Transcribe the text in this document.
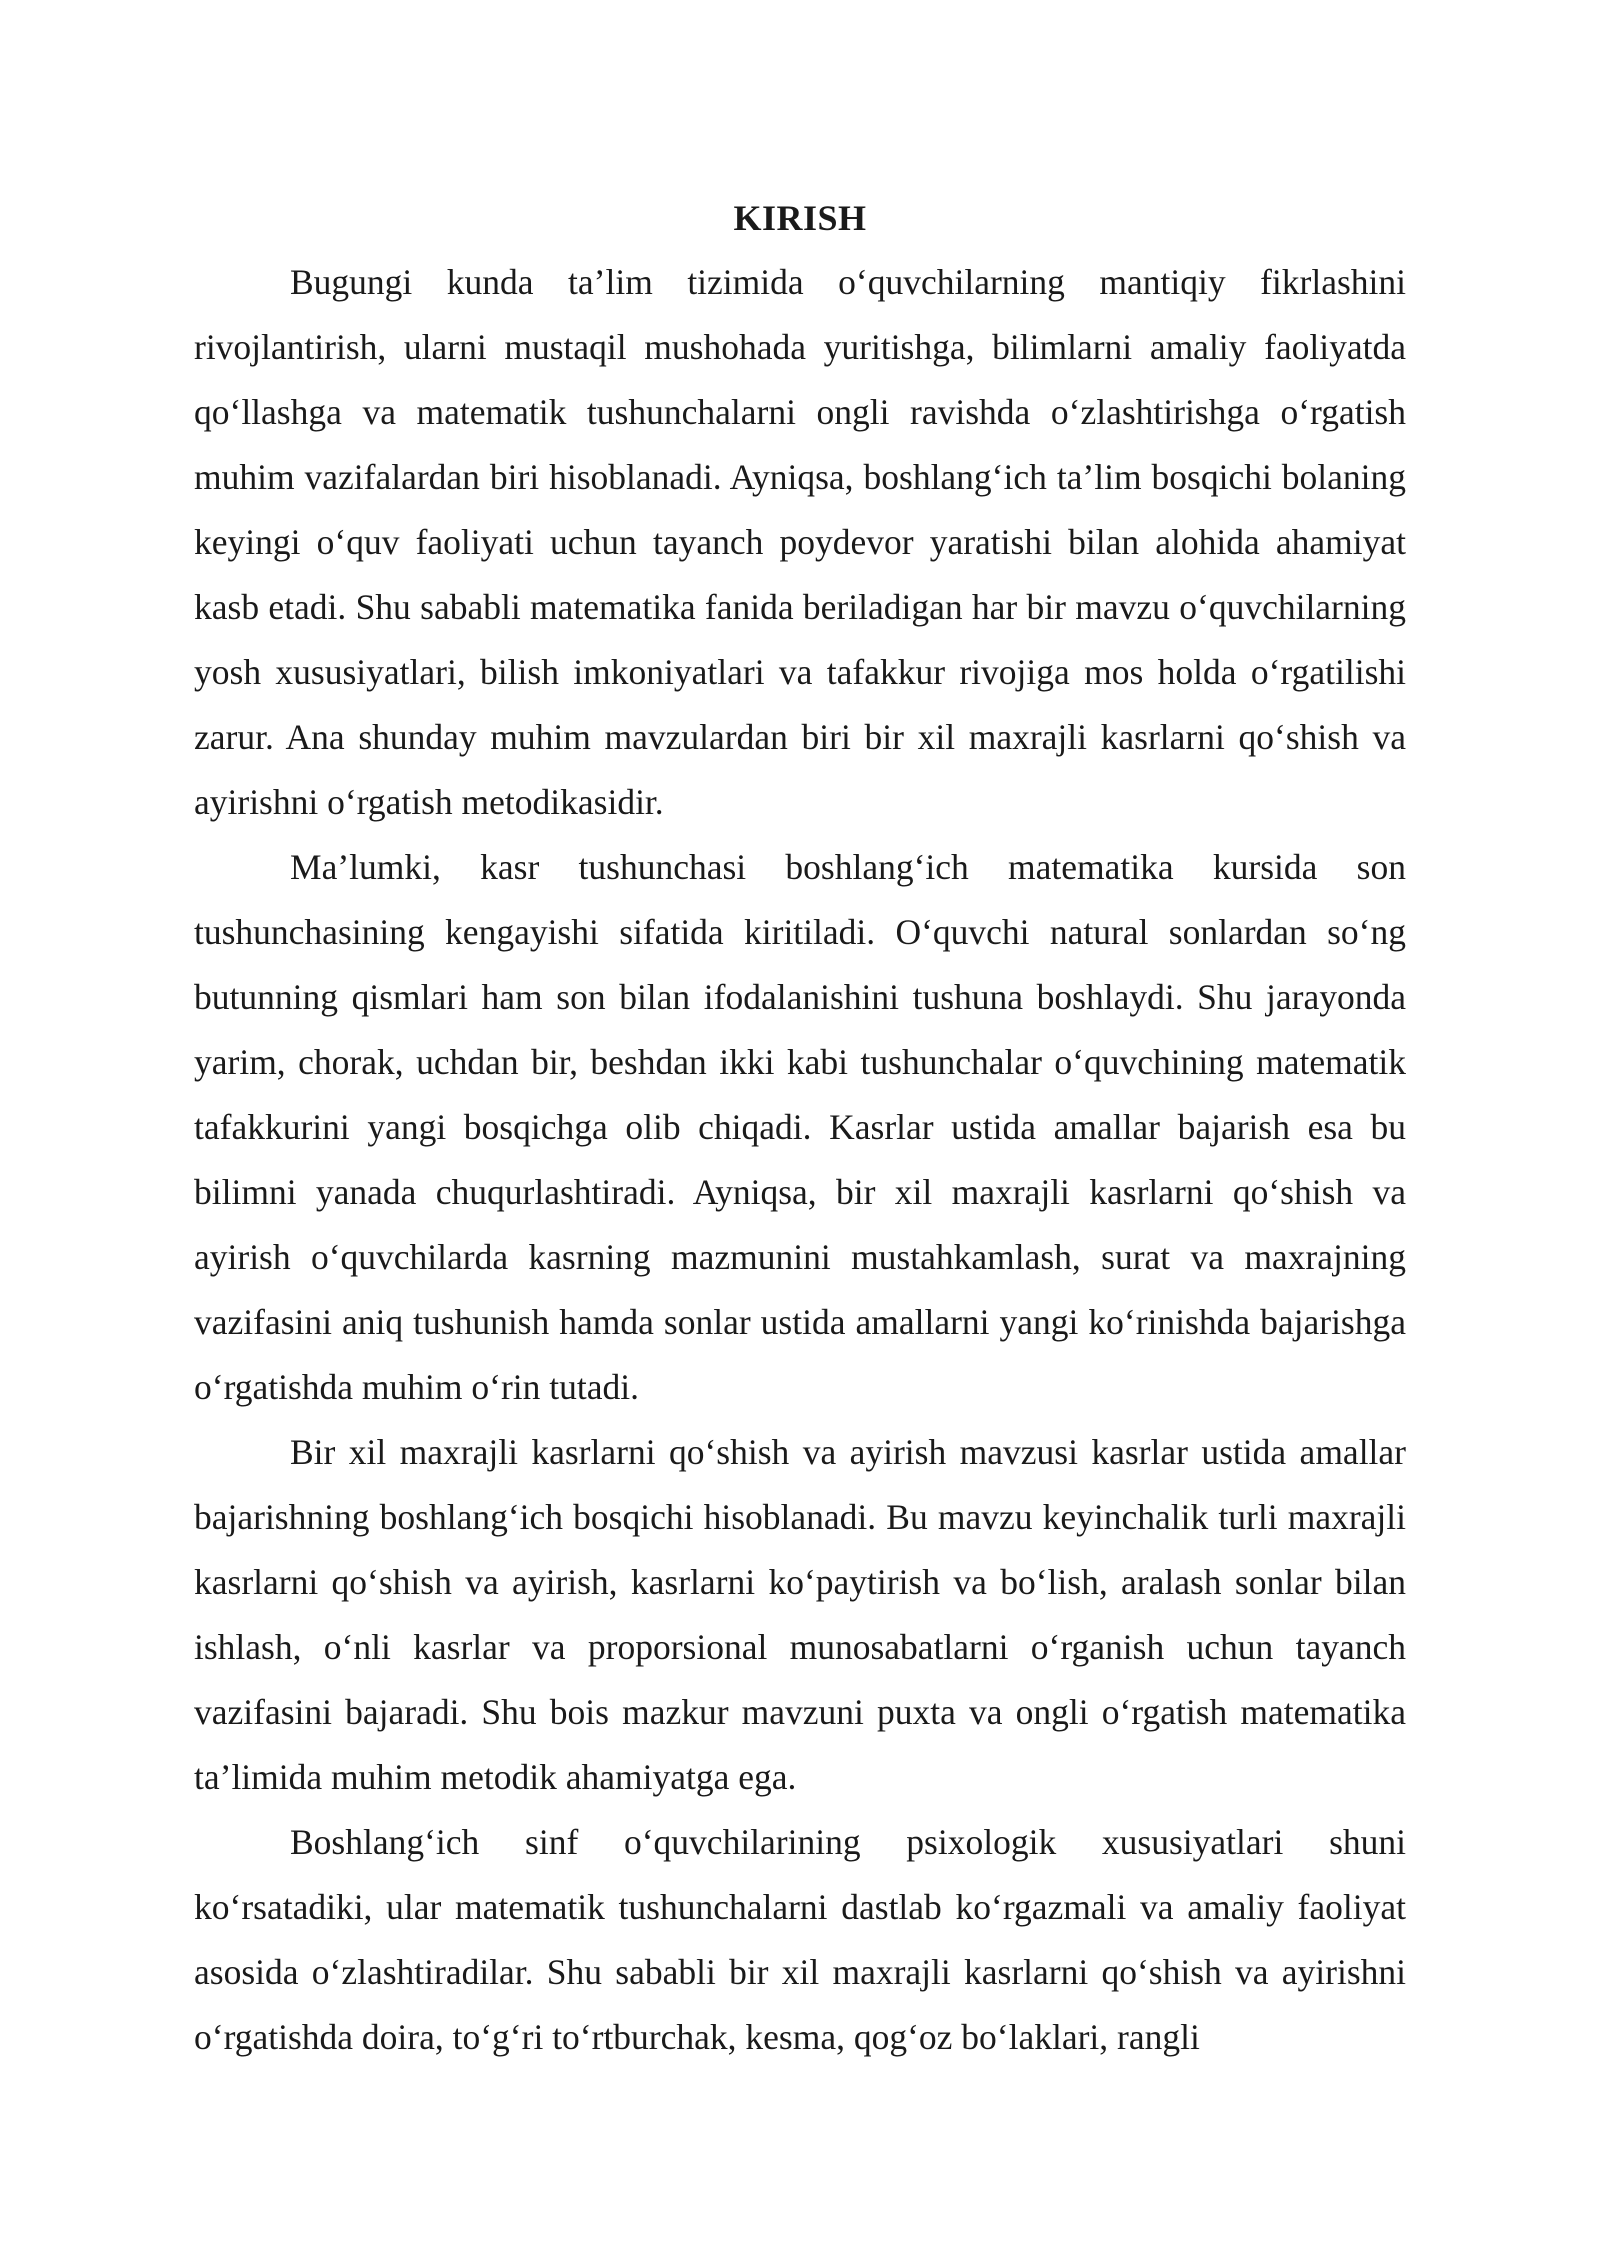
KIRISH

Bugungi kunda ta’lim tizimida o‘quvchilarning mantiqiy fikrlashini rivojlantirish, ularni mustaqil mushohada yuritishga, bilimlarni amaliy faoliyatda qo‘llashga va matematik tushunchalarni ongli ravishda o‘zlashtirishga o‘rgatish muhim vazifalardan biri hisoblanadi. Ayniqsa, boshlang‘ich ta’lim bosqichi bolaning keyingi o‘quv faoliyati uchun tayanch poydevor yaratishi bilan alohida ahamiyat kasb etadi. Shu sababli matematika fanida beriladigan har bir mavzu o‘quvchilarning yosh xususiyatlari, bilish imkoniyatlari va tafakkur rivojiga mos holda o‘rgatilishi zarur. Ana shunday muhim mavzulardan biri bir xil maxrajli kasrlarni qo‘shish va ayirishni o‘rgatish metodikasidir.

Ma’lumki, kasr tushunchasi boshlang‘ich matematika kursida son tushunchasining kengayishi sifatida kiritiladi. O‘quvchi natural sonlardan so‘ng butunning qismlari ham son bilan ifodalanishini tushuna boshlaydi. Shu jarayonda yarim, chorak, uchdan bir, beshdan ikki kabi tushunchalar o‘quvchining matematik tafakkurini yangi bosqichga olib chiqadi. Kasrlar ustida amallar bajarish esa bu bilimni yanada chuqurlashtiradi. Ayniqsa, bir xil maxrajli kasrlarni qo‘shish va ayirish o‘quvchilarda kasrning mazmunini mustahkamlash, surat va maxrajning vazifasini aniq tushunish hamda sonlar ustida amallarni yangi ko‘rinishda bajarishga o‘rgatishda muhim o‘rin tutadi.

Bir xil maxrajli kasrlarni qo‘shish va ayirish mavzusi kasrlar ustida amallar bajarishning boshlang‘ich bosqichi hisoblanadi. Bu mavzu keyinchalik turli maxrajli kasrlarni qo‘shish va ayirish, kasrlarni ko‘paytirish va bo‘lish, aralash sonlar bilan ishlash, o‘nli kasrlar va proporsional munosabatlarni o‘rganish uchun tayanch vazifasini bajaradi. Shu bois mazkur mavzuni puxta va ongli o‘rgatish matematika ta’limida muhim metodik ahamiyatga ega.

Boshlang‘ich sinf o‘quvchilarining psixologik xususiyatlari shuni ko‘rsatadiki, ular matematik tushunchalarni dastlab ko‘rgazmali va amaliy faoliyat asosida o‘zlashtiradilar. Shu sababli bir xil maxrajli kasrlarni qo‘shish va ayirishni o‘rgatishda doira, to‘g‘ri to‘rtburchak, kesma, qog‘oz bo‘laklari, rangli
